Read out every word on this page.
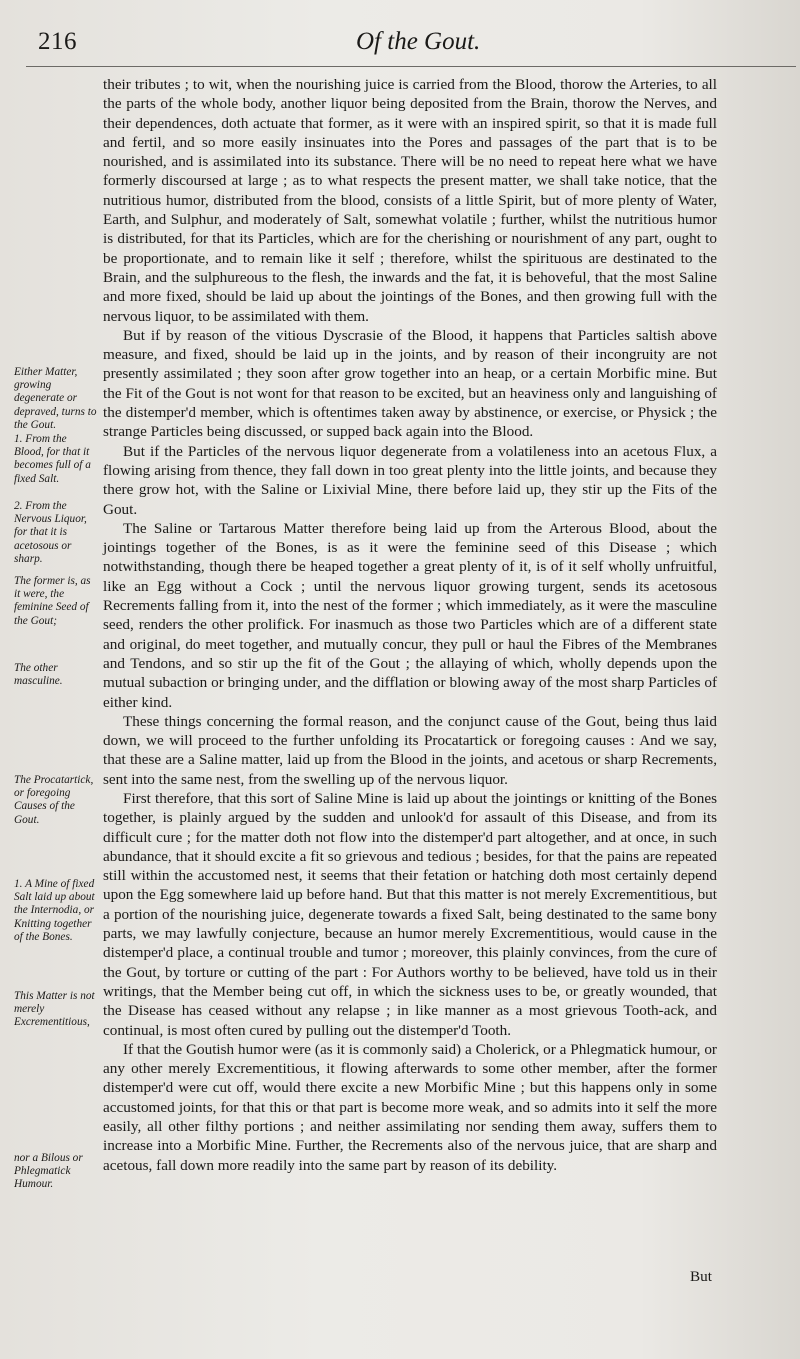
216	Of the Gout.

their tributes ; to wit, when the nourishing juice is carried from the Blood, thorow the Arteries, to all the parts of the whole body, another liquor being deposited from the Brain, thorow the Nerves, and their dependences, doth actuate that former, as it were with an inspired spirit, so that it is made full and fertil, and so more easily insinuates into the Pores and passages of the part that is to be nourished, and is assimilated into its substance. There will be no need to repeat here what we have formerly discoursed at large ; as to what respects the present matter, we shall take notice, that the nutritious humor, distributed from the blood, consists of a little Spirit, but of more plenty of Water, Earth, and Sulphur, and moderately of Salt, somewhat volatile ; further, whilst the nutritious humor is distributed, for that its Particles, which are for the cherishing or nourishment of any part, ought to be proportionate, and to remain like it self ; therefore, whilst the spirituous are destinated to the Brain, and the sulphureous to the flesh, the inwards and the fat, it is behoveful, that the most Saline and more fixed, should be laid up about the jointings of the Bones, and then growing full with the nervous liquor, to be assimilated with them.

But if by reason of the vitious Dyscrasie of the Blood, it happens that Particles saltish above measure, and fixed, should be laid up in the joints, and by reason of their incongruity are not presently assimilated ; they soon after grow together into an heap, or a certain Morbific mine. But the Fit of the Gout is not wont for that reason to be excited, but an heaviness only and languishing of the distemper'd member, which is oftentimes taken away by abstinence, or exercise, or Physick ; the strange Particles being discussed, or supped back again into the Blood.

But if the Particles of the nervous liquor degenerate from a volatileness into an acetous Flux, a flowing arising from thence, they fall down in too great plenty into the little joints, and because they there grow hot, with the Saline or Lixivial Mine, there before laid up, they stir up the Fits of the Gout.

The Saline or Tartarous Matter therefore being laid up from the Arterous Blood, about the jointings together of the Bones, is as it were the feminine seed of this Disease ; which notwithstanding, though there be heaped together a great plenty of it, is of it self wholly unfruitful, like an Egg without a Cock ; until the nervous liquor growing turgent, sends its acetosous Recrements falling from it, into the nest of the former ; which immediately, as it were the masculine seed, renders the other prolifick. For inasmuch as those two Particles which are of a different state and original, do meet together, and mutually concur, they pull or haul the Fibres of the Membranes and Tendons, and so stir up the fit of the Gout ; the allaying of which, wholly depends upon the mutual subaction or bringing under, and the difflation or blowing away of the most sharp Particles of either kind.

These things concerning the formal reason, and the conjunct cause of the Gout, being thus laid down, we will proceed to the further unfolding its Procatartick or foregoing causes : And we say, that these are a Saline matter, laid up from the Blood in the joints, and acetous or sharp Recrements, sent into the same nest, from the swelling up of the nervous liquor.

First therefore, that this sort of Saline Mine is laid up about the jointings or knitting of the Bones together, is plainly argued by the sudden and unlook'd for assault of this Disease, and from its difficult cure ; for the matter doth not flow into the distemper'd part altogether, and at once, in such abundance, that it should excite a fit so grievous and tedious ; besides, for that the pains are repeated still within the accustomed nest, it seems that their fetation or hatching doth most certainly depend upon the Egg somewhere laid up before hand. But that this matter is not merely Excrementitious, but a portion of the nourishing juice, degenerate towards a fixed Salt, being destinated to the same bony parts, we may lawfully conjecture, because an humor merely Excrementitious, would cause in the distemper'd place, a continual trouble and tumor ; moreover, this plainly convinces, from the cure of the Gout, by torture or cutting of the part : For Authors worthy to be believed, have told us in their writings, that the Member being cut off, in which the sickness uses to be, or greatly wounded, that the Disease has ceased without any relapse ; in like manner as a most grievous Tooth-ack, and continual, is most often cured by pulling out the distemper'd Tooth.

If that the Goutish humor were (as it is commonly said) a Cholerick, or a Phlegmatick humour, or any other merely Excrementitious, it flowing afterwards to some other member, after the former distemper'd were cut off, would there excite a new Morbific Mine ; but this happens only in some accustomed joints, for that this or that part is become more weak, and so admits into it self the more easily, all other filthy portions ; and neither assimilating nor sending them away, suffers them to increase into a Morbific Mine. Further, the Recrements also of the nervous juice, that are sharp and acetous, fall down more readily into the same part by reason of its debility.

But
Either Matter, growing degenerate or depraved, turns to the Gout.
1. From the Blood, for that it becomes full of a fixed Salt.
2. From the Nervous Liquor, for that it is acetosous or sharp.
The former is, as it were, the feminine Seed of the Gout;
The other masculine.
The Procatartick, or foregoing Causes of the Gout.
1. A Mine of fixed Salt laid up about the Internodia, or Knitting together of the Bones.
This Matter is not merely Excrementitious,
nor a Bilous or Phlegmatick Humour.
